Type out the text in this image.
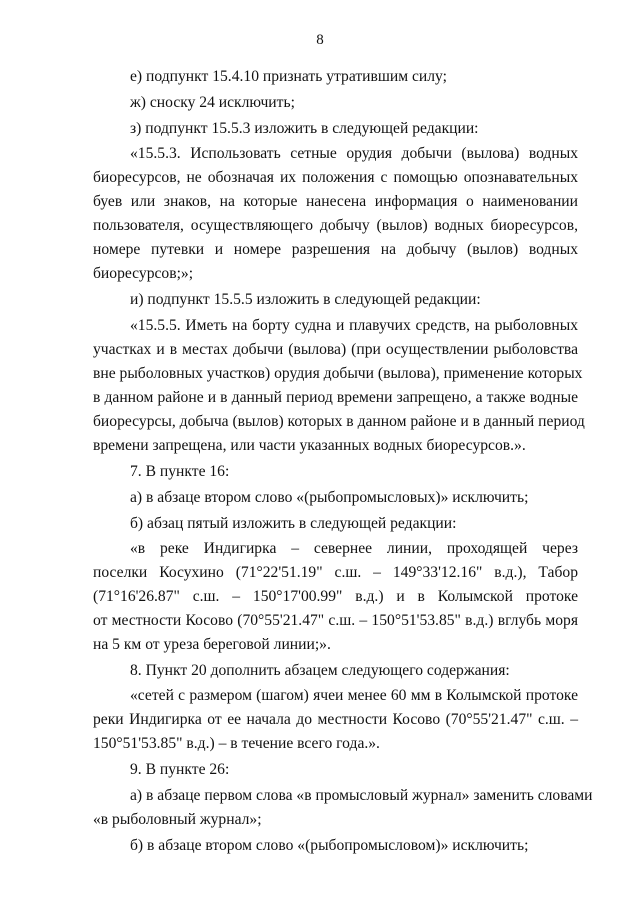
8
е) подпункт 15.4.10 признать утратившим силу;
ж) сноску 24 исключить;
з) подпункт 15.5.3 изложить в следующей редакции:
«15.5.3. Использовать сетные орудия добычи (вылова) водных
биоресурсов, не обозначая их положения с помощью опознавательных
буев или знаков, на которые нанесена информация о наименовании
пользователя, осуществляющего добычу (вылов) водных биоресурсов,
номере путевки и номере разрешения на добычу (вылов) водных
биоресурсов;»;
и) подпункт 15.5.5 изложить в следующей редакции:
«15.5.5. Иметь на борту судна и плавучих средств, на рыболовных
участках и в местах добычи (вылова) (при осуществлении рыболовства
вне рыболовных участков) орудия добычи (вылова), применение которых
в данном районе и в данный период времени запрещено, а также водные
биоресурсы, добыча (вылов) которых в данном районе и в данный период
времени запрещена, или части указанных водных биоресурсов.».
7. В пункте 16:
а) в абзаце втором слово «(рыбопромысловых)» исключить;
б) абзац пятый изложить в следующей редакции:
«в реке Индигирка – севернее линии, проходящей через
поселки Косухино (71°22'51.19" с.ш. – 149°33'12.16" в.д.), Табор
(71°16'26.87" с.ш. – 150°17'00.99" в.д.) и в Колымской протоке
от местности Косово (70°55'21.47" с.ш. – 150°51'53.85" в.д.) вглубь моря
на 5 км от уреза береговой линии;».
8. Пункт 20 дополнить абзацем следующего содержания:
«сетей с размером (шагом) ячеи менее 60 мм в Колымской протоке
реки Индигирка от ее начала до местности Косово (70°55'21.47" с.ш. –
150°51'53.85" в.д.) – в течение всего года.».
9. В пункте 26:
а) в абзаце первом слова «в промысловый журнал» заменить словами
«в рыболовный журнал»;
б) в абзаце втором слово «(рыбопромысловом)» исключить;
